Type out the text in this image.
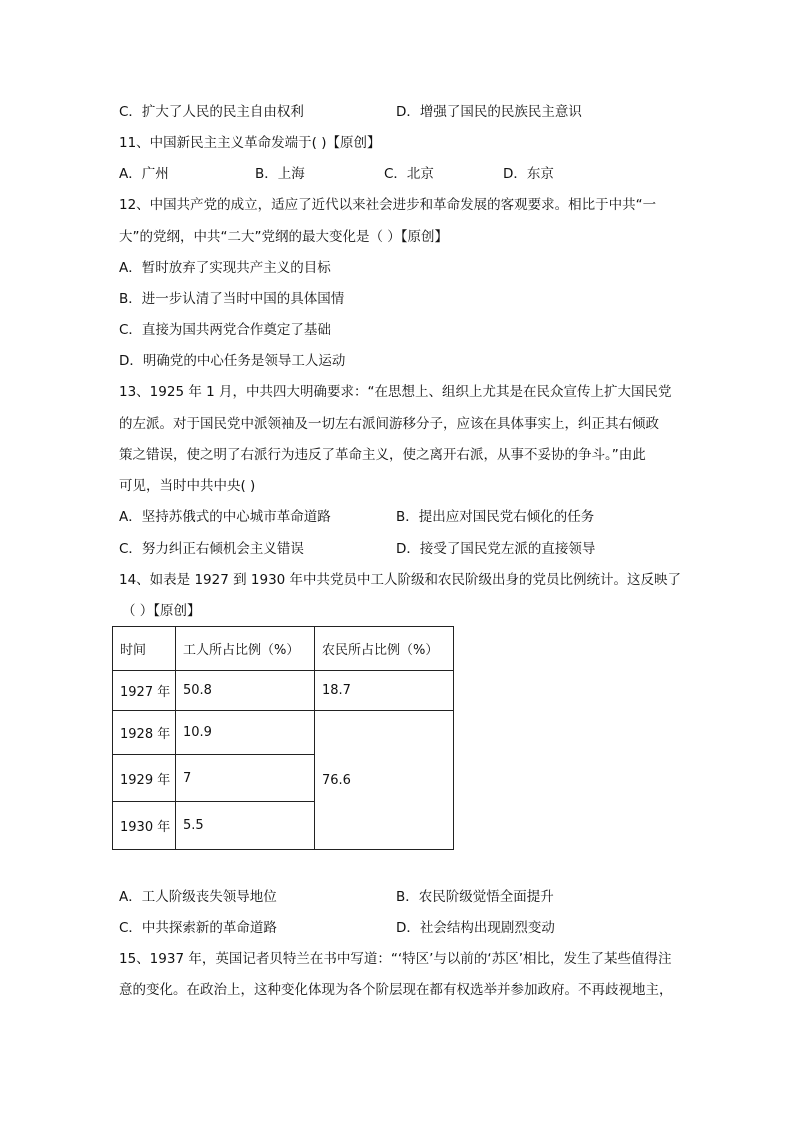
C．扩大了人民的民主自由权利	D．增强了国民的民族民主意识
11、中国新民主主义革命发端于( )【原创】
A．广州	B．上海	C．北京	D．东京
12、中国共产党的成立，适应了近代以来社会进步和革命发展的客观要求。相比于中共“一
大”的党纲，中共“二大”党纲的最大变化是（ ）【原创】
A．暂时放弃了实现共产主义的目标
B．进一步认清了当时中国的具体国情
C．直接为国共两党合作奠定了基础
D．明确党的中心任务是领导工人运动
13、1925 年 1 月，中共四大明确要求：“在思想上、组织上尤其是在民众宣传上扩大国民党
的左派。对于国民党中派领袖及一切左右派间游移分子，应该在具体事实上，纠正其右倾政
策之错误，使之明了右派行为违反了革命主义，使之离开右派，从事不妥协的争斗。”由此
可见，当时中共中央( )
A．坚持苏俄式的中心城市革命道路	B．提出应对国民党右倾化的任务
C．努力纠正右倾机会主义错误	D．接受了国民党左派的直接领导
14、如表是 1927 到 1930 年中共党员中工人阶级和农民阶级出身的党员比例统计。这反映了
（ ）【原创】
时间	工人所占比例（%）	农民所占比例（%）
1927 年	50.8	18.7
1928 年	10.9	76.6
1929 年	7	
1930 年	5.5	
A．工人阶级丧失领导地位	B．农民阶级觉悟全面提升
C．中共探索新的革命道路	D．社会结构出现剧烈变动
15、1937 年，英国记者贝特兰在书中写道：“‘特区’与以前的‘苏区’相比，发生了某些值得注
意的变化。在政治上，这种变化体现为各个阶层现在都有权选举并参加政府。不再歧视地主，
